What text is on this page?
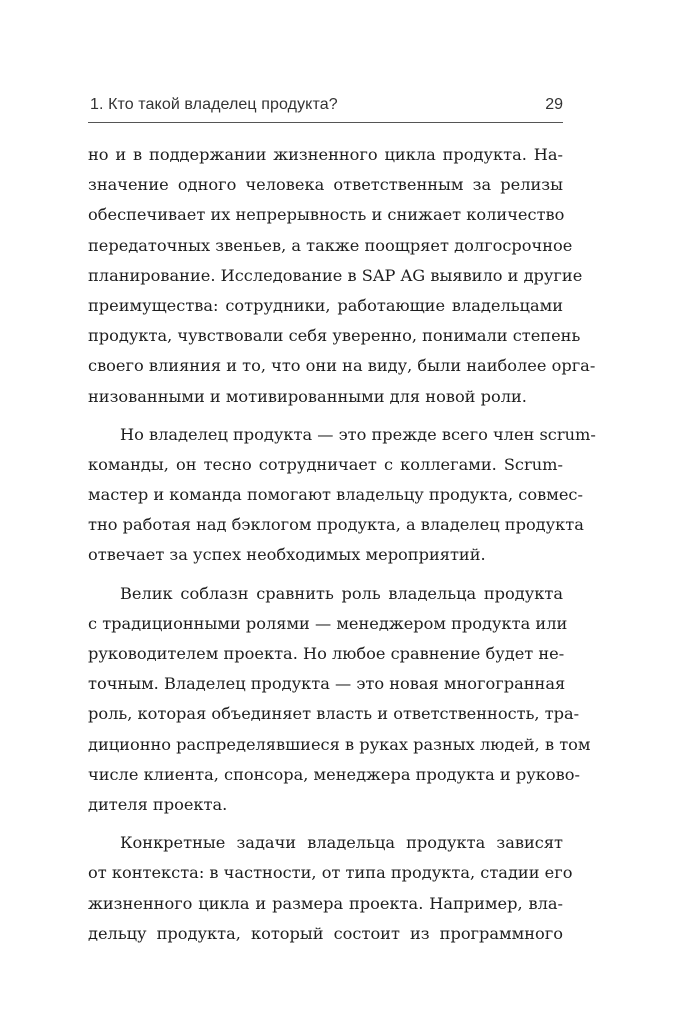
1. Кто такой владелец продукта?	29
но и в поддержании жизненного цикла продукта. На-
значение одного человека ответственным за релизы
обеспечивает их непрерывность и снижает количество
передаточных звеньев, а также поощряет долгосрочное
планирование. Исследование в SAP AG выявило и другие
преимущества: сотрудники, работающие владельцами
продукта, чувствовали себя уверенно, понимали степень
своего влияния и то, что они на виду, были наиболее орга-
низованными и мотивированными для новой роли.
Но владелец продукта — это прежде всего член scrum-
команды, он тесно сотрудничает с коллегами. Scrum-
мастер и команда помогают владельцу продукта, совмес-
тно работая над бэклогом продукта, а владелец продукта
отвечает за успех необходимых мероприятий.
Велик соблазн сравнить роль владельца продукта
с традиционными ролями — менеджером продукта или
руководителем проекта. Но любое сравнение будет не-
точным. Владелец продукта — это новая многогранная
роль, которая объединяет власть и ответственность, тра-
диционно распределявшиеся в руках разных людей, в том
числе клиента, спонсора, менеджера продукта и руково-
дителя проекта.
Конкретные задачи владельца продукта зависят
от контекста: в частности, от типа продукта, стадии его
жизненного цикла и размера проекта. Например, вла-
дельцу продукта, который состоит из программного
